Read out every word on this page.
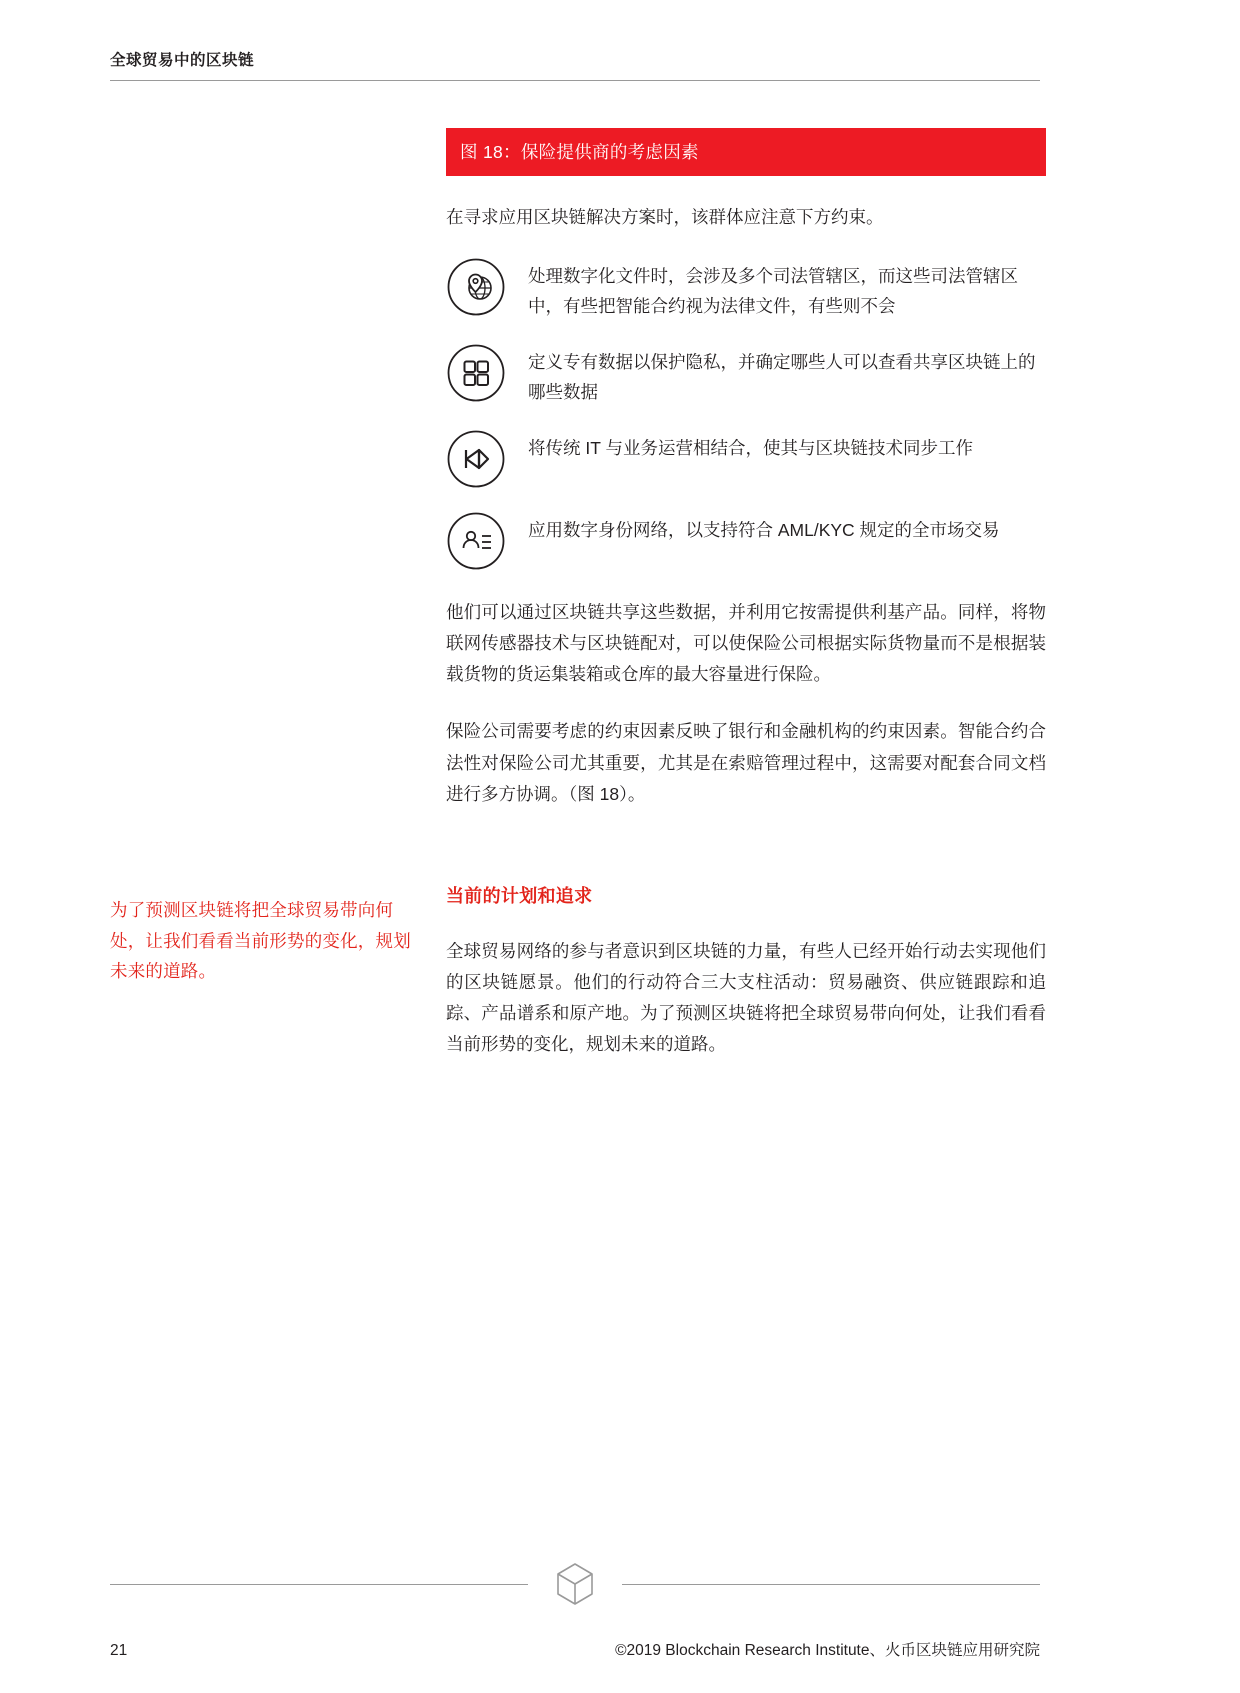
全球贸易中的区块链
为了预测区块链将把全球贸易带向何处，让我们看看当前形势的变化，规划未来的道路。
图 18：保险提供商的考虑因素
在寻求应用区块链解决方案时，该群体应注意下方约束。
处理数字化文件时，会涉及多个司法管辖区，而这些司法管辖区中，有些把智能合约视为法律文件，有些则不会
定义专有数据以保护隐私，并确定哪些人可以查看共享区块链上的哪些数据
将传统 IT 与业务运营相结合，使其与区块链技术同步工作
应用数字身份网络，以支持符合 AML/KYC 规定的全市场交易
他们可以通过区块链共享这些数据，并利用它按需提供利基产品。同样，将物联网传感器技术与区块链配对，可以使保险公司根据实际货物量而不是根据装载货物的货运集装箱或仓库的最大容量进行保险。
保险公司需要考虑的约束因素反映了银行和金融机构的约束因素。智能合约合法性对保险公司尤其重要，尤其是在索赔管理过程中，这需要对配套合同文档进行多方协调。（图 18）。
当前的计划和追求
全球贸易网络的参与者意识到区块链的力量，有些人已经开始行动去实现他们的区块链愿景。他们的行动符合三大支柱活动：贸易融资、供应链跟踪和追踪、产品谱系和原产地。为了预测区块链将把全球贸易带向何处，让我们看看当前形势的变化，规划未来的道路。
21	©2019 Blockchain Research Institute、火币区块链应用研究院
